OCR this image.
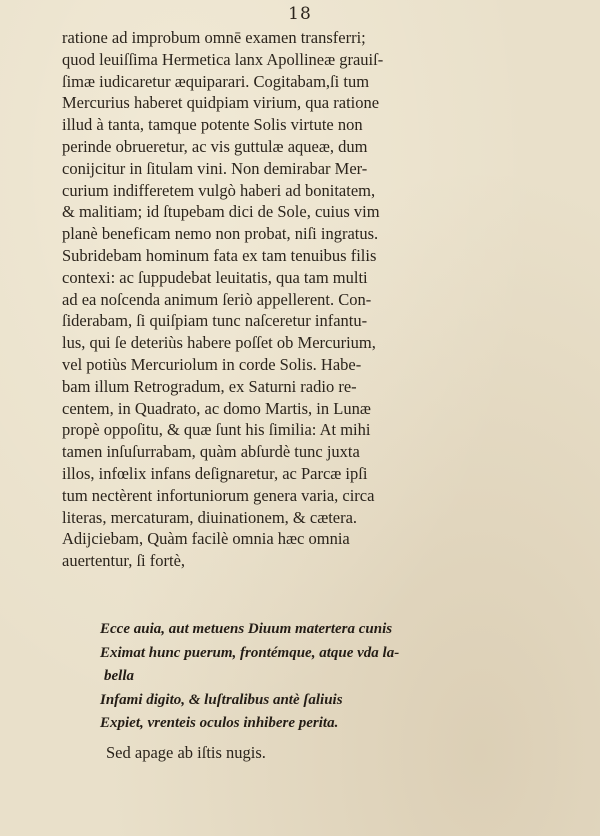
18
ratione ad improbum omnē examen transferri;
quod leuiſſima Hermetica lanx Apollineæ grauiſ-
ſimæ iudicaretur æquiparari. Cogitabam,ſi tum
Mercurius haberet quidpiam virium, qua ratione
illud à tanta, tamque potente Solis virtute non
perinde obrueretur, ac vis guttulæ aqueæ, dum
conijcitur in ſitulam vini. Non demirabar Mer-
curium indifferetem vulgò haberi ad bonitatem,
& malitiam; id ſtupebam dici de Sole, cuius vim
planè beneficam nemo non probat, niſi ingratus.
Subridebam hominum fata ex tam tenuibus filis
contexi: ac ſuppudebat leuitatis, qua tam multi
ad ea noſcenda animum ſeriò appellerent. Con-
ſiderabam, ſi quiſpiam tunc naſceretur infantu-
lus, qui ſe deteriùs habere poſſet ob Mercurium,
vel potiùs Mercuriolum in corde Solis. Habe-
bam illum Retrogradum, ex Saturni radio re-
centem, in Quadrato, ac domo Martis, in Lunæ
propè oppoſitu, & quæ ſunt his ſimilia: At mihi
tamen inſuſurrabam, quàm abſurdè tunc juxta
illos, infœlix infans deſignaretur, ac Parcæ ipſi
tum nectèrent infortuniorum genera varia, circa
literas, mercaturam, diuinationem, & cætera.
Adijciebam, Quàm facilè omnia hæc omnia
auertentur, ſi fortè,
Ecce auia, aut metuens Diuum matertera cunis
Eximat hunc puerum, frontémque, atque vda la-
bella
Infami digito, & luſtralibus antè ſaliuis
Expiet, vrenteis oculos inhibere perita.
Sed apage ab iſtis nugis.
